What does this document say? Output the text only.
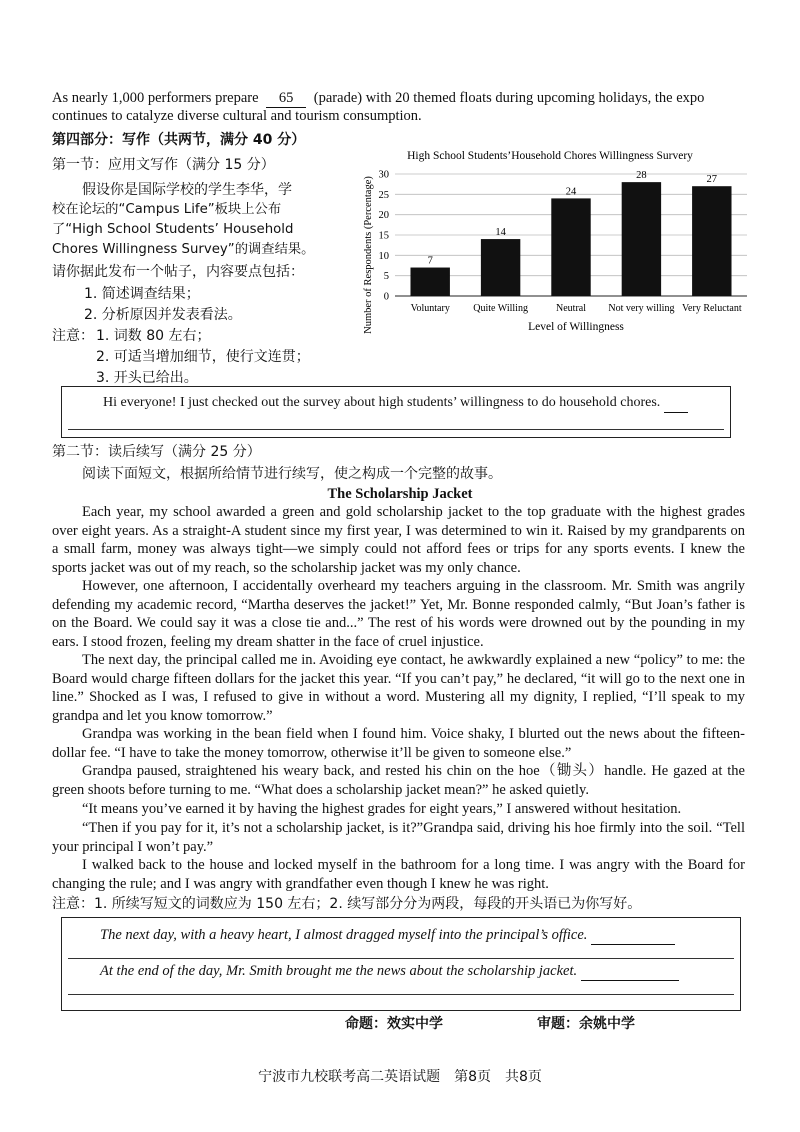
As nearly 1,000 performers prepare 65 (parade) with 20 themed floats during upcoming holidays, the expo
continues to catalyze diverse cultural and tourism consumption.
第四部分：写作（共两节，满分 40 分）
第一节：应用文写作（满分 15 分）
假设你是国际学校的学生李华，学
校在论坛的“Campus Life”板块上公布
了“High School Students’ Household
Chores Willingness Survey”的调查结果。
请你据此发布一个帖子，内容要点包括：
1. 简述调查结果；
2. 分析原因并发表看法。
注意： 1. 词数 80 左右；
2. 可适当增加细节，使行文连贯；
3. 开头已给出。
High School Students’Household Chores Willingness Survery
Number of Respondents (Percentage)	Level of Willingness
0
5
10
15
20
25
30
Voluntary Quite Willing	Neutral Not very willing Very Reluctant
7
14
24
28	27
Hi everyone! I just checked out the survey about high students’ willingness to do household chores.
第二节：读后续写（满分 25 分）
阅读下面短文，根据所给情节进行续写，使之构成一个完整的故事。
The Scholarship Jacket

Each year, my school awarded a green and gold scholarship jacket to the top graduate with the highest grades over eight years. As a straight-A student since my first year, I was determined to win it. Raised by my grandparents on a small farm, money was always tight—we simply could not afford fees or trips for any sports events. I knew the sports jacket was out of my reach, so the scholarship jacket was my only chance.

However, one afternoon, I accidentally overheard my teachers arguing in the classroom. Mr. Smith was angrily defending my academic record, “Martha deserves the jacket!” Yet, Mr. Bonne responded calmly, “But Joan’s father is on the Board. We could say it was a close tie and...” The rest of his words were drowned out by the pounding in my ears. I stood frozen, feeling my dream shatter in the face of cruel injustice.

The next day, the principal called me in. Avoiding eye contact, he awkwardly explained a new “policy” to me: the Board would charge fifteen dollars for the jacket this year. “If you can’t pay,” he declared, “it will go to the next one in line.” Shocked as I was, I refused to give in without a word. Mustering all my dignity, I replied, “I’ll speak to my grandpa and let you know tomorrow.”

Grandpa was working in the bean field when I found him. Voice shaky, I blurted out the news about the fifteen-dollar fee. “I have to take the money tomorrow, otherwise it’ll be given to someone else.”

Grandpa paused, straightened his weary back, and rested his chin on the hoe（锄头）handle. He gazed at the green shoots before turning to me. “What does a scholarship jacket mean?” he asked quietly.

“It means you’ve earned it by having the highest grades for eight years,” I answered without hesitation.

“Then if you pay for it, it’s not a scholarship jacket, is it?”Grandpa said, driving his hoe firmly into the soil. “Tell your principal I won’t pay.”

I walked back to the house and locked myself in the bathroom for a long time. I was angry with the Board for changing the rule; and I was angry with grandfather even though I knew he was right.

注意：1. 所续写短文的词数应为 150 左右；2. 续写部分分为两段，每段的开头语已为你写好。
The next day, with a heavy heart, I almost dragged myself into the principal’s office.
At the end of the day, Mr. Smith brought me the news about the scholarship jacket.
命题：效实中学	审题：余姚中学
宁波市九校联考高二英语试题　第8页　共8页
